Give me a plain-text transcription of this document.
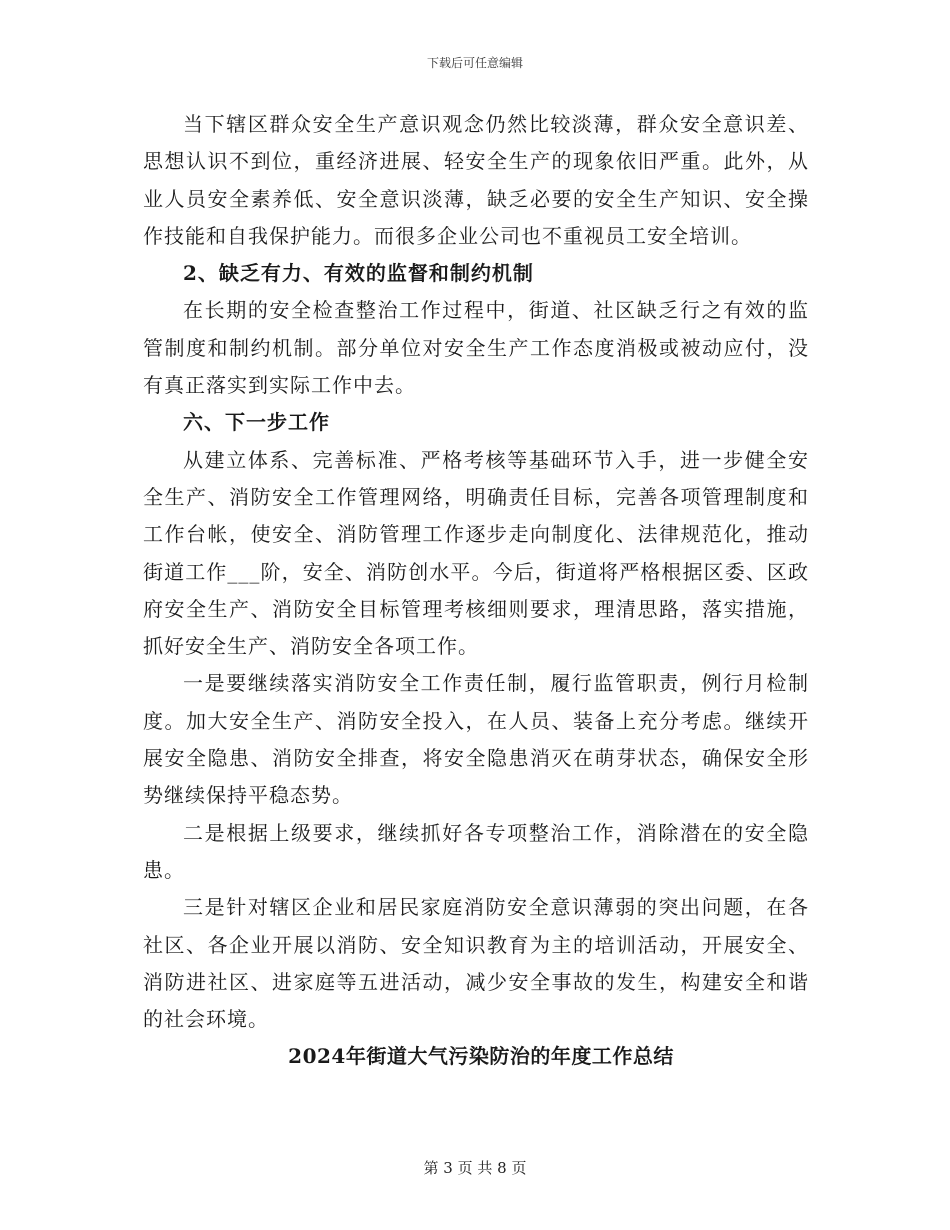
下载后可任意编辑

当下辖区群众安全生产意识观念仍然比较淡薄，群众安全意识差、思想认识不到位，重经济进展、轻安全生产的现象依旧严重。此外，从业人员安全素养低、安全意识淡薄，缺乏必要的安全生产知识、安全操作技能和自我保护能力。而很多企业公司也不重视员工安全培训。

2、缺乏有力、有效的监督和制约机制

在长期的安全检查整治工作过程中，街道、社区缺乏行之有效的监管制度和制约机制。部分单位对安全生产工作态度消极或被动应付，没有真正落实到实际工作中去。

六、下一步工作

从建立体系、完善标准、严格考核等基础环节入手，进一步健全安全生产、消防安全工作管理网络，明确责任目标，完善各项管理制度和工作台帐，使安全、消防管理工作逐步走向制度化、法律规范化，推动街道工作___阶，安全、消防创水平。今后，街道将严格根据区委、区政府安全生产、消防安全目标管理考核细则要求，理清思路，落实措施，抓好安全生产、消防安全各项工作。

一是要继续落实消防安全工作责任制，履行监管职责，例行月检制度。加大安全生产、消防安全投入，在人员、装备上充分考虑。继续开展安全隐患、消防安全排查，将安全隐患消灭在萌芽状态，确保安全形势继续保持平稳态势。

二是根据上级要求，继续抓好各专项整治工作，消除潜在的安全隐患。

三是针对辖区企业和居民家庭消防安全意识薄弱的突出问题，在各社区、各企业开展以消防、安全知识教育为主的培训活动，开展安全、消防进社区、进家庭等五进活动，减少安全事故的发生，构建安全和谐的社会环境。

2024年街道大气污染防治的年度工作总结

第 3 页 共 8 页
